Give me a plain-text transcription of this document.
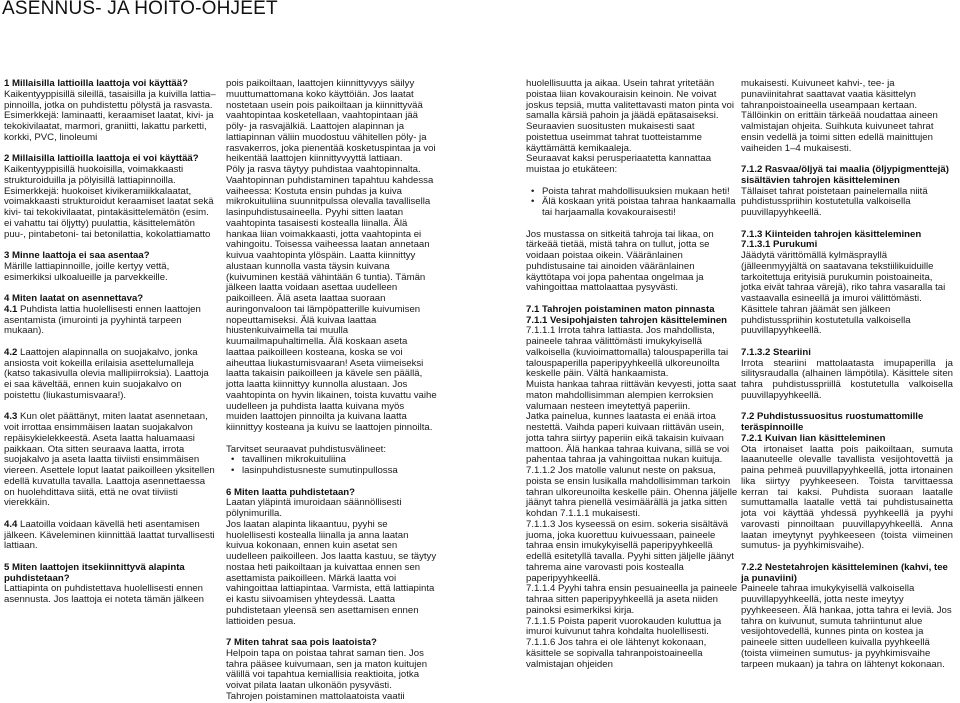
ASENNUS- JA HOITO-OHJEET

1 Millaisilla lattioilla laattoja voi käyttää?

Kaikentyyppisillä sileillä, tasaisilla ja kuivilla lattia– pinnoilla, jotka on puhdistettu pölystä ja rasvasta. Esimerkkejä: laminaatti, keraamiset laatat, kivi- ja tekokivilaatat, marmori, graniitti, lakattu parketti, korkki, PVC, linoleumi

2 Millaisilla lattioilla laattoja ei voi käyttää?

Kaikentyyppisillä huokoisilla, voimakkaasti strukturoiduilla ja pölyisillä lattiapinnoilla. Esimerkkejä: huokoiset kivikeramiikkalaatat, voimakkaasti strukturoidut keraamiset laatat sekä kivi- tai tekokivilaatat, pintakäsittelemätön (esim. ei vahattu tai öljytty) puulattia, käsittelemätön puu-, pintabetoni- tai betonilattia, kokolattiamatto

3 Minne laattoja ei saa asentaa?

Märille lattiapinnoille, joille kertyy vettä, esimerkiksi ulkoalueille ja parvekkeille.

4 Miten laatat on asennettava?

4.1 Puhdista lattia huolellisesti ennen laattojen asentamista (imurointi ja pyyhintä tarpeen mukaan).

4.2 Laattojen alapinnalla on suojakalvo, jonka ansiosta voit kokeilla erilaisia asettelumalleja (katso takasivulla olevia mallipiirroksia). Laattoja ei saa käveltää, ennen kuin suojakalvo on poistettu (liukastumisvaara!).

4.3 Kun olet päättänyt, miten laatat asennetaan, voit irrottaa ensimmäisen laatan suojakalvon repäisykielekkeestä. Aseta laatta haluamaasi paikkaan. Ota sitten seuraava laatta, irrota suojakalvo ja aseta laatta tiiviisti ensimmäisen viereen. Asettele loput laatat paikoilleen yksitellen edellä kuvatulla tavalla. Laattoja asennettaessa on huolehdittava siitä, että ne ovat tiiviisti vierekkäin.

4.4 Laatoilla voidaan kävellä heti asentamisen jälkeen. Käveleminen kiinnittää laattat turvallisesti lattiaan.

5 Miten laattojen itsekiinnittyvä alapinta puhdistetaan?

Lattiapinta on puhdistettava huolellisesti ennen asennusta. Jos laattoja ei noteta tämän jälkeen

pois paikoiltaan, laattojen kiinnittyvyys säilyy muuttumattomana koko käyttöiän. Jos laatat nostetaan usein pois paikoiltaan ja kiinnittyvää vaahtopintaa kosketellaan, vaahtopintaan jää pöly- ja rasvajälkiä. Laattojen alapinnan ja lattiapinnan väliin muodostuu vähitellen pöly- ja rasvakerros, joka pienentää kosketuspintaa ja voi heikentää laattojen kiinnittyvyyttä lattiaan.

Pöly ja rasva täytyy puhdistaa vaahtopinnalta. Vaahtopinnan puhdistaminen tapahtuu kahdessa vaiheessa: Kostuta ensin puhdas ja kuiva mikrokuituliina suunnitpulssa olevalla tavallisella lasinpuhdistusaineella. Pyyhi sitten laatan vaahtopinta tasaisesti kostealla liinalla. Älä hankaa liian voimakkaasti, jotta vaahtopinta ei vahingoitu. Toisessa vaiheessa laatan annetaan kuivua vaahtopinta ylöspäin. Laatta kiinnittyy alustaan kunnolla vasta täysin kuivana (kuivuminen kestää vähintään 6 tuntia). Tämän jälkeen laatta voidaan asettaa uudelleen paikoilleen. Älä aseta laattaa suoraan auringonvaloon tai lämpöpatterille kuivumisen nopeuttamiseksi. Älä kuivaa laattaa hiustenkuivaimella tai muulla kuumailmapuhaltimella. Älä koskaan aseta laattaa paikoilleen kosteana, koska se voi aiheuttaa liukastumisvaaran! Aseta viimeiseksi laatta takaisin paikoilleen ja kävele sen päällä, jotta laatta kiinnittyy kunnolla alustaan. Jos vaahtopinta on hyvin likainen, toista kuvattu vaihe uudelleen ja puhdista laatta kuivana myös muiden laattojen pinnoilta ja kuivana laatta kiinnittyy kosteana ja kuivu se laattojen pinnoilta.

Tarvitset seuraavat puhdistusvälineet:

• tavallinen mikrokuituliina
• lasinpuhdistusneste sumutinpullossa

6 Miten laatta puhdistetaan?

Laatan yläpintä imuroidaan säännöllisesti pölynimurilla.

Jos laatan alapinta likaantuu, pyyhi se huolellisesti kostealla liinalla ja anna laatan kuivua kokonaan, ennen kuin asetat sen uudelleen paikoilleen. Jos laatta kastuu, se täytyy nostaa heti paikoiltaan ja kuivattaa ennen sen asettamista paikoilleen. Märkä laatta voi vahingoittaa lattiapintaa. Varmista, että lattiapinta ei kastu siivoamisen yhteydessä. Laatta puhdistetaan yleensä sen asettamisen ennen lattioiden pesua.

7 Miten tahrat saa pois laatoista?

Helpoin tapa on poistaa tahrat saman tien. Jos tahra pääsee kuivumaan, sen ja maton kuitujen välillä voi tapahtua kemiallisia reaktioita, jotka voivat pilata laatan ulkonäön pysyvästi.

Tahrojen poistaminen mattolaatoista vaatii

huolellisuutta ja aikaa. Usein tahrat yritetään poistaa liian kovakouraisin keinoin. Ne voivat joskus tepsiä, mutta valitettavasti maton pinta voi samalla kärsiä pahoin ja jäädä epätasaiseksi. Seuraavien suositusten mukaisesti saat poistettua useimmat tahrat tuotteistamme käyttämättä kemikaaleja.

Seuraavat kaksi perusperiaatetta kannattaa muistaa jo etukäteen:

• Poista tahrat mahdollisuuksien mukaan heti!
• Älä koskaan yritä poistaa tahraa hankaamalla tai harjaamalla kovakouraisesti!

Jos mustassa on sitkeitä tahroja tai likaa, on tärkeää tietää, mistä tahra on tullut, jotta se voidaan poistaa oikein. Vääränlainen puhdistusaine tai ainoiden vääränlainen käyttötapa voi jopa pahentaa ongelmaa ja vahingoittaa mattolaattaa pysyvästi.

7.1 Tahrojen poistaminen maton pinnasta

7.1.1 Vesipohjaisten tahrojen käsitteleminen

7.1.1.1 Irrota tahra lattiasta. Jos mahdollista, paineele tahraa välittömästi imukykyisellä valkoisella (kuvioimattomalla) talouspaperilla tai talouspaperilla paperipyyhkeellä ulkoreunoilta keskelle päin. Vältä hankaamista.

Muista hankaa tahraa riittävän kevyesti, jotta saat maton mahdollisimman alempien kerroksien valumaan nesteen imeytettyä paperiin.

Jatka painelua, kunnes laatasta ei enää irtoa nestettä. Vaihda paperi kuivaan riittävän usein, jotta tahra siirtyy paperiin eikä takaisin kuivaan mattoon. Älä hankaa tahraa kuivana, sillä se voi pahentaa tahraa ja vahingoittaa nukan kuituja.

7.1.1.2 Jos matolle valunut neste on paksua, poista se ensin lusikalla mahdollisimman tarkoin tahran ulkoreunoilta keskelle päin. Ohenna jäljelle jäänyt tahra pienellä vesimäärällä ja jatka sitten kohdan 7.1.1.1 mukaisesti.

7.1.1.3 Jos kyseessä on esim. sokeria sisältävä juoma, joka kuorettuu kuivuessaan, paineele tahraa ensin imukykyisellä paperipyyhkeellä edellä esitetyllä tavalla. Pyyhi sitten jäljelle jäänyt tahrema aine varovasti pois kostealla paperipyyhkeellä.

7.1.1.4 Pyyhi tahra ensin pesuaineella ja paineele tahraa sitten paperipyyhkeellä ja aseta niiden painoksi esimerkiksi kirja.

7.1.1.5 Poista paperit vuorokauden kuluttua ja imuroi kuivunut tahra kohdalta huolellisesti.

7.1.1.6 Jos tahra ei ole lähtenyt kokonaan, käsittele se sopivalla tahranpoistoaineella valmistajan ohjeiden

mukaisesti. Kuivuneet kahvi-, tee- ja punaviinitahrat saattavat vaatia käsittelyn tahranpoistoaineella useampaan kertaan. Tällöinkin on erittäin tärkeää noudattaa aineen valmistajan ohjeita. Suihkuta kuivuneet tahrat ensin vedellä ja toimi sitten edellä mainittujen vaiheiden 1–4 mukaisesti.

7.1.2 Rasvaa/öljyä tai maalia (öljypigmenttejä) sisältävien tahrojen käsitteleminen

Tällaiset tahrat poistetaan painelemalla niitä puhdistusspriihin kostutetulla valkoisella puuvillapyyhkeellä.

7.1.3 Kiinteiden tahrojen käsitteleminen

7.1.3.1 Purukumi

Jäädytä värittömällä kylmäsprayllä (jälleenmyyjältä on saatavana tekstiilikuiduille tarkoitettuja erityisiä purukumin poistoaineita, jotka eivät tahraa värejä), riko tahra vasaralla tai vastaavalla esineellä ja imuroi välittömästi. Käsittele tahran jäämät sen jälkeen puhdistusspriihin kostutetulla valkoisella puuvillapyyhkeellä.

7.1.3.2 Steariini

Irrota steariini mattolaatasta imupaperilla ja silitysraudalla (alhainen lämpötila). Käsittele siten tahra puhdistusspriillä kostutetulla valkoisella puuvillapyyhkeellä.

7.2 Puhdistussuositus ruostumattomille teräspinnoille

7.2.1 Kuivan lian käsitteleminen

Ota irtonaiset laatta pois paikoiltaan, sumuta laaanuteelle olevalle tavallista vesijohtovettä ja paina pehmeä puuvillapyyhkeellä, jotta irtonainen lika siirtyy pyyhkeeseen. Toista tarvittaessa kerran tai kaksi. Puhdista suoraan laatalle sumuttamalla laatalle vettä tai puhdistusainetta jota voi käyttää yhdessä pyyhkeellä ja pyyhi varovasti pinnoiltaan puuvillapyyhkeellä. Anna laatan imeytynyt pyyhkeeseen (toista viimeinen sumutus- ja pyyhkimisvaihe).

7.2.2 Nestetahrojen käsitteleminen (kahvi, tee ja punaviini)

Paineele tahraa imukykyisellä valkoisella puuvillapyyhkeellä, jotta neste imeytyy pyyhkeeseen. Älä hankaa, jotta tahra ei leviä. Jos tahra on kuivunut, sumuta tahriintunut alue vesijohtovedellä, kunnes pinta on kostea ja paineele sitten uudelleen kuivalla pyyhkeellä (toista viimeinen sumutus- ja pyyhkimisvaihe tarpeen mukaan) ja tahra on lähtenyt kokonaan.
